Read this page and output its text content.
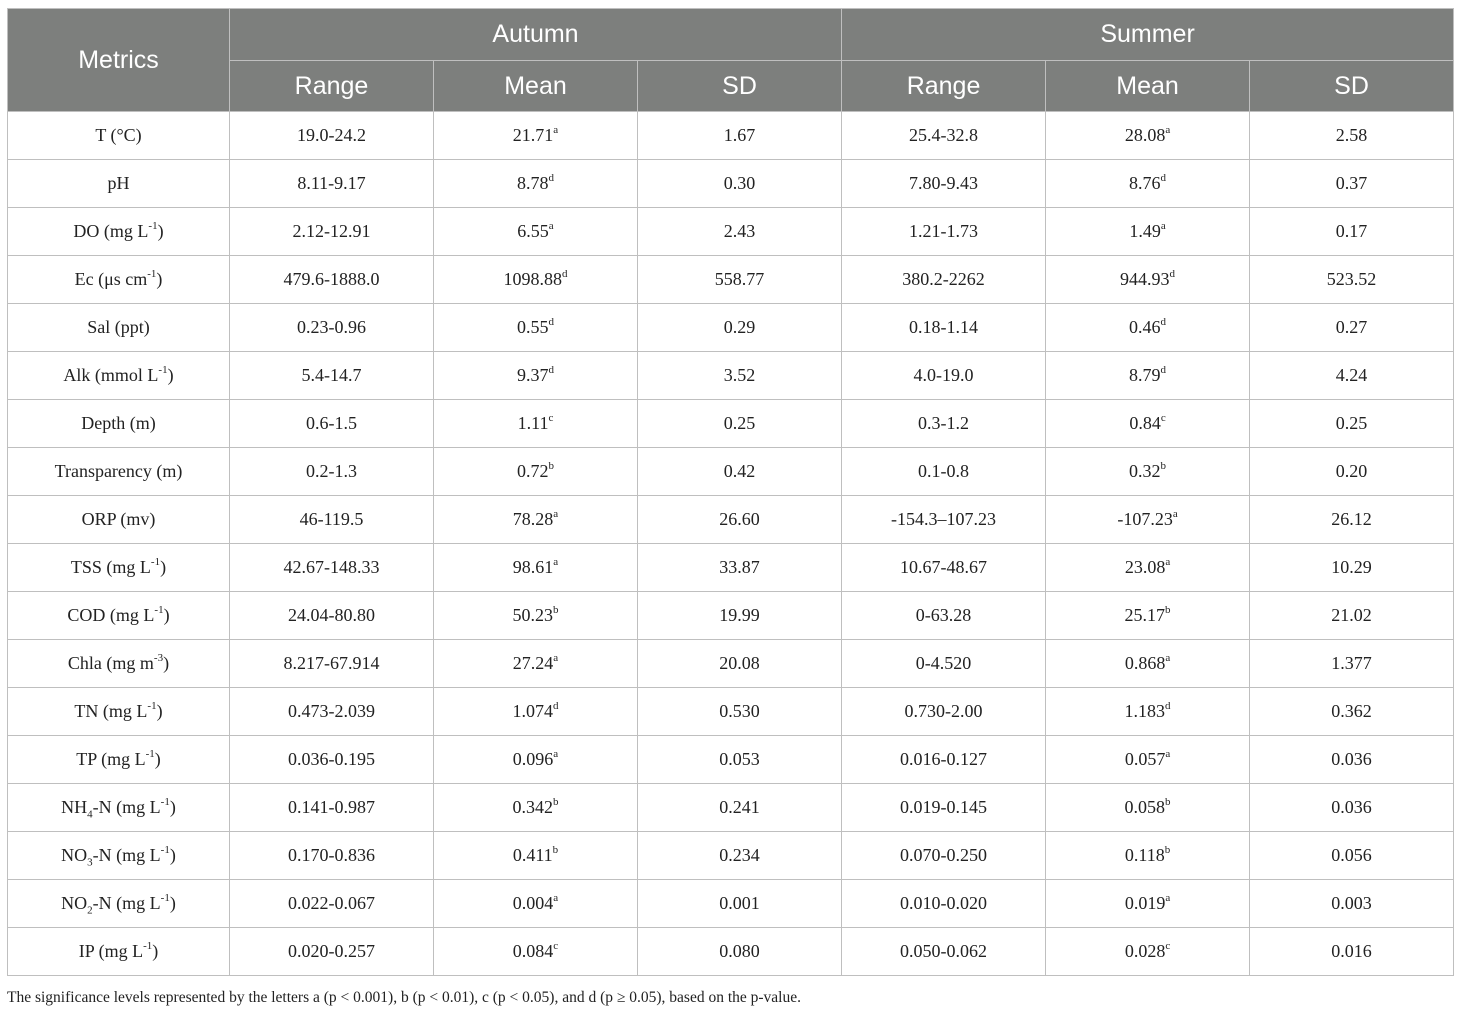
Metrics	Autumn			Summer		
	Range	Mean	SD	Range	Mean	SD
T (°C)	19.0-24.2	21.71$^a$	1.67	25.4-32.8	28.08$^a$	2.58
pH	8.11-9.17	8.78$^d$	0.30	7.80-9.43	8.76$^d$	0.37
DO (mg $L^{-1}$)	2.12-12.91	6.55$^a$	2.43	1.21-1.73	1.49$^a$	0.17
Ec (μs $cm^{-1}$)	479.6-1888.0	1098.88$^d$	558.77	380.2-2262	944.93$^d$	523.52
Sal (ppt)	0.23-0.96	0.55$^d$	0.29	0.18-1.14	0.46$^d$	0.27
Alk (mmol $L^{-1}$)	5.4-14.7	9.37$^d$	3.52	4.0-19.0	8.79$^d$	4.24
Depth (m)	0.6-1.5	1.11$^c$	0.25	0.3-1.2	0.84$^c$	0.25
Transparency (m)	0.2-1.3	0.72$^b$	0.42	0.1-0.8	0.32$^b$	0.20
ORP (mv)	46-119.5	78.28$^a$	26.60	-154.3–107.23	-107.23$^a$	26.12
TSS (mg $L^{-1}$)	42.67-148.33	98.61$^a$	33.87	10.67-48.67	23.08$^a$	10.29
COD (mg $L^{-1}$)	24.04-80.80	50.23$^b$	19.99	0-63.28	25.17$^b$	21.02
Chla (mg $m^{-3}$)	8.217-67.914	27.24$^a$	20.08	0-4.520	0.868$^a$	1.377
TN (mg $L^{-1}$)	0.473-2.039	1.074$^d$	0.530	0.730-2.00	1.183$^d$	0.362
TP (mg $L^{-1}$)	0.036-0.195	0.096$^a$	0.053	0.016-0.127	0.057$^a$	0.036
$NH_4-N$ (mg $L^{-1}$)	0.141-0.987	0.342$^b$	0.241	0.019-0.145	0.058$^b$	0.036
$NO_3-N$ (mg $L^{-1}$)	0.170-0.836	0.411$^b$	0.234	0.070-0.250	0.118$^b$	0.056
$NO_2-N$ (mg $L^{-1}$)	0.022-0.067	0.004$^a$	0.001	0.010-0.020	0.019$^a$	0.003
IP (mg $L^{-1}$)	0.020-0.257	0.084$^c$	0.080	0.050-0.062	0.028$^c$	0.016
The significance levels represented by the letters a (p < 0.001), b (p < 0.01), c (p < 0.05), and d (p ≥ 0.05), based on the p-value.
